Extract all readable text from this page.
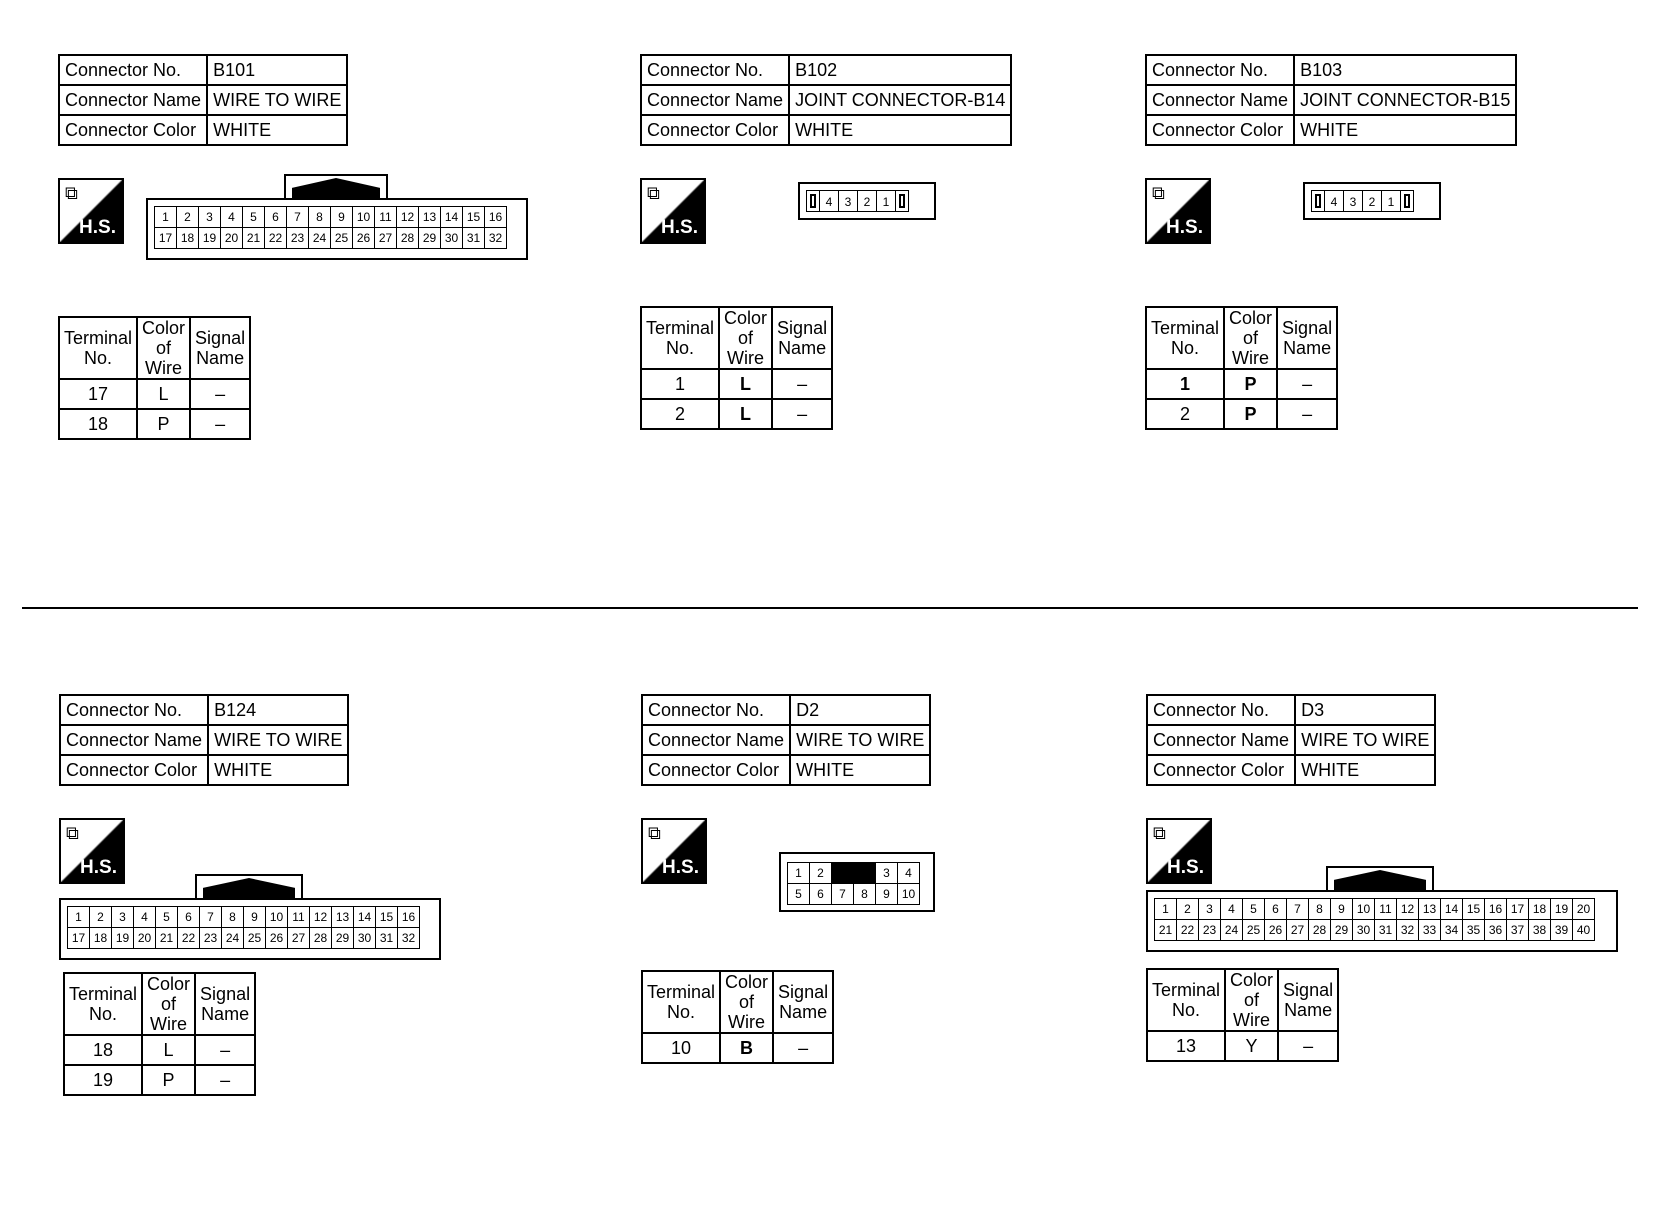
Connector No.	B101
Connector Name	WIRE TO WIRE
Connector Color	WHITE
⧉
H.S.	1	2	3	4	5	6	7	8	9 10 11 12 13 14 15 16
17 18 19 20 21 22 23 24 25 26 27 28 29 30 31 32
Terminal No.	Color of Wire	Signal Name
17	L	–
18	P	–
Connector No.	B102
Connector Name	JOINT CONNECTOR-B14
Connector Color	WHITE
⧉
H.S.
4	3	2	1
Terminal No.	Color of Wire	Signal Name
1	L	–
2	L	–
Connector No.	B103
Connector Name	JOINT CONNECTOR-B15
Connector Color	WHITE
⧉
H.S.
4	3	2	1
Terminal No.	Color of Wire	Signal Name
1	P	–
2	P	–
Connector No.	B124
Connector Name	WIRE TO WIRE
Connector Color	WHITE
⧉
H.S.
1	2	3	4	5	6	7	8	9 10 11 12 13 14 15 16
17 18 19 20 21 22 23 24 25 26 27 28 29 30 31 32
Terminal No.	Color of Wire	Signal Name
18	L	–
19	P	–
Connector No.	D2
Connector Name	WIRE TO WIRE
Connector Color	WHITE
⧉
H.S.	1	2	3	4
5	6	7	8	9 10
Terminal No.	Color of Wire	Signal Name
10	B	–
Connector No.	D3
Connector Name	WIRE TO WIRE
Connector Color	WHITE
⧉
H.S.
1	2	3	4	5	6	7	8	9 10 11 12 13 14 15 16 17 18 19 20
21 22 23 24 25 26 27 28 29 30 31 32 33 34 35 36 37 38 39 40
Terminal No.	Color of Wire	Signal Name
13	Y	–
